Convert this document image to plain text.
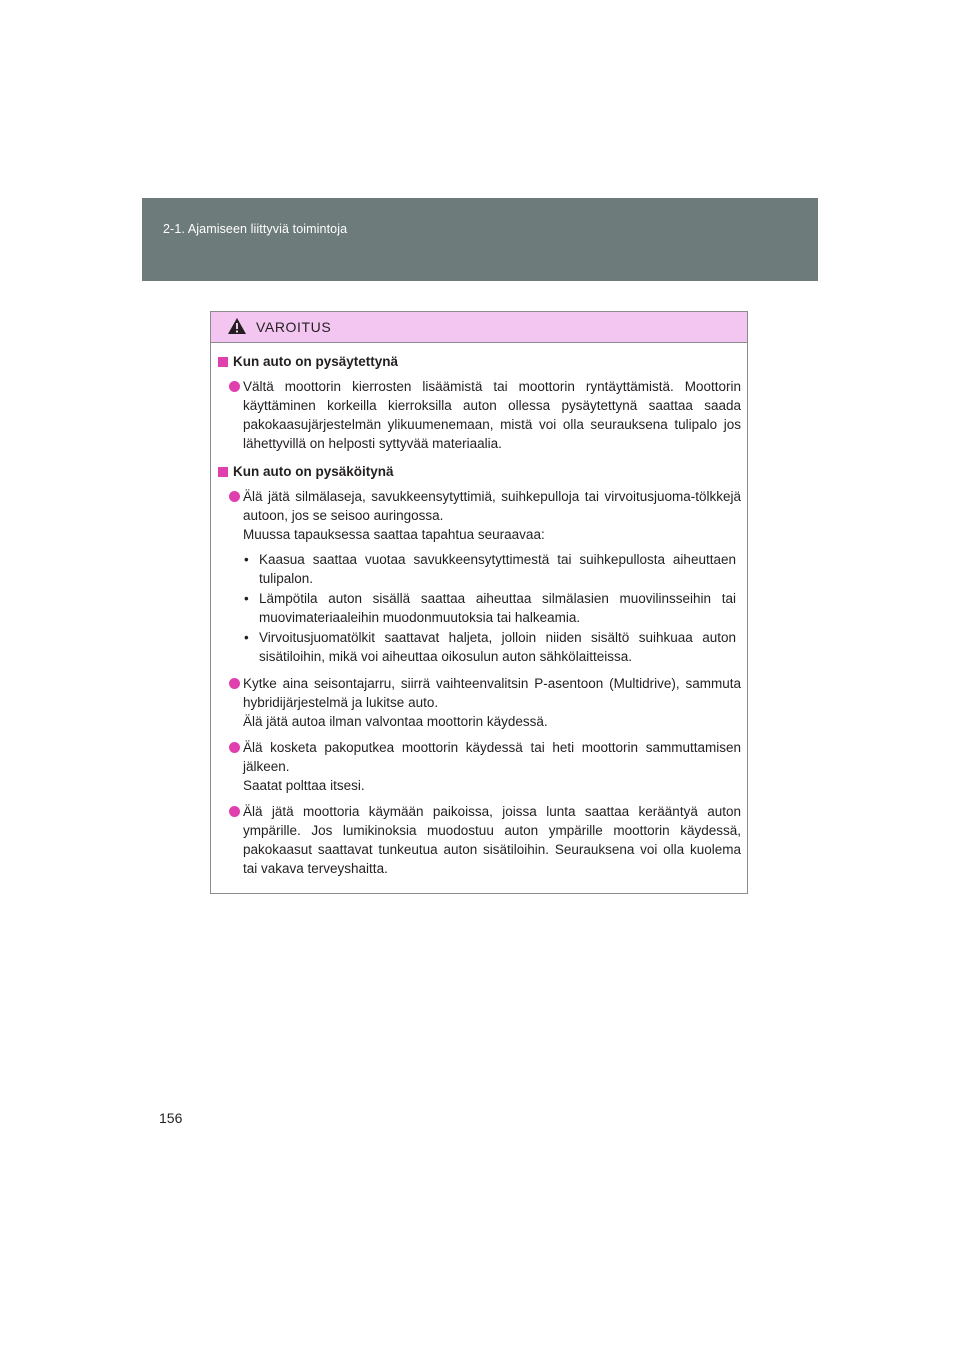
2-1. Ajamiseen liittyviä toimintoja
VAROITUS
Kun auto on pysäytettynä
Vältä moottorin kierrosten lisäämistä tai moottorin ryntäyttämistä. Moottorin käyttäminen korkeilla kierroksilla auton ollessa pysäytettynä saattaa saada pakokaasujärjestelmän ylikuumenemaan, mistä voi olla seurauksena tulipalo jos lähettyvillä on helposti syttyvää materiaalia.
Kun auto on pysäköitynä
Älä jätä silmälaseja, savukkeensytyttimiä, suihkepulloja tai virvoitusjuoma-tölkkejä autoon, jos se seisoo auringossa.
Muussa tapauksessa saattaa tapahtua seuraavaa:
• Kaasua saattaa vuotaa savukkeensytyttimestä tai suihkepullosta aiheuttaen tulipalon.
• Lämpötila auton sisällä saattaa aiheuttaa silmälasien muovilinsseihin tai muovimateriaaleihin muodonmuutoksia tai halkeamia.
• Virvoitusjuomatölkit saattavat haljeta, jolloin niiden sisältö suihkuaa auton sisätiloihin, mikä voi aiheuttaa oikosulun auton sähkölaitteissa.
Kytke aina seisontajarru, siirrä vaihteenvalitsin P-asentoon (Multidrive), sammuta hybridijärjestelmä ja lukitse auto.
Älä jätä autoa ilman valvontaa moottorin käydessä.
Älä kosketa pakoputkea moottorin käydessä tai heti moottorin sammuttamisen jälkeen.
Saatat polttaa itsesi.
Älä jätä moottoria käymään paikoissa, joissa lunta saattaa kerääntyä auton ympärille. Jos lumikinoksia muodostuu auton ympärille moottorin käydessä, pakokaasut saattavat tunkeutua auton sisätiloihin. Seurauksena voi olla kuolema tai vakava terveyshaitta.
156
